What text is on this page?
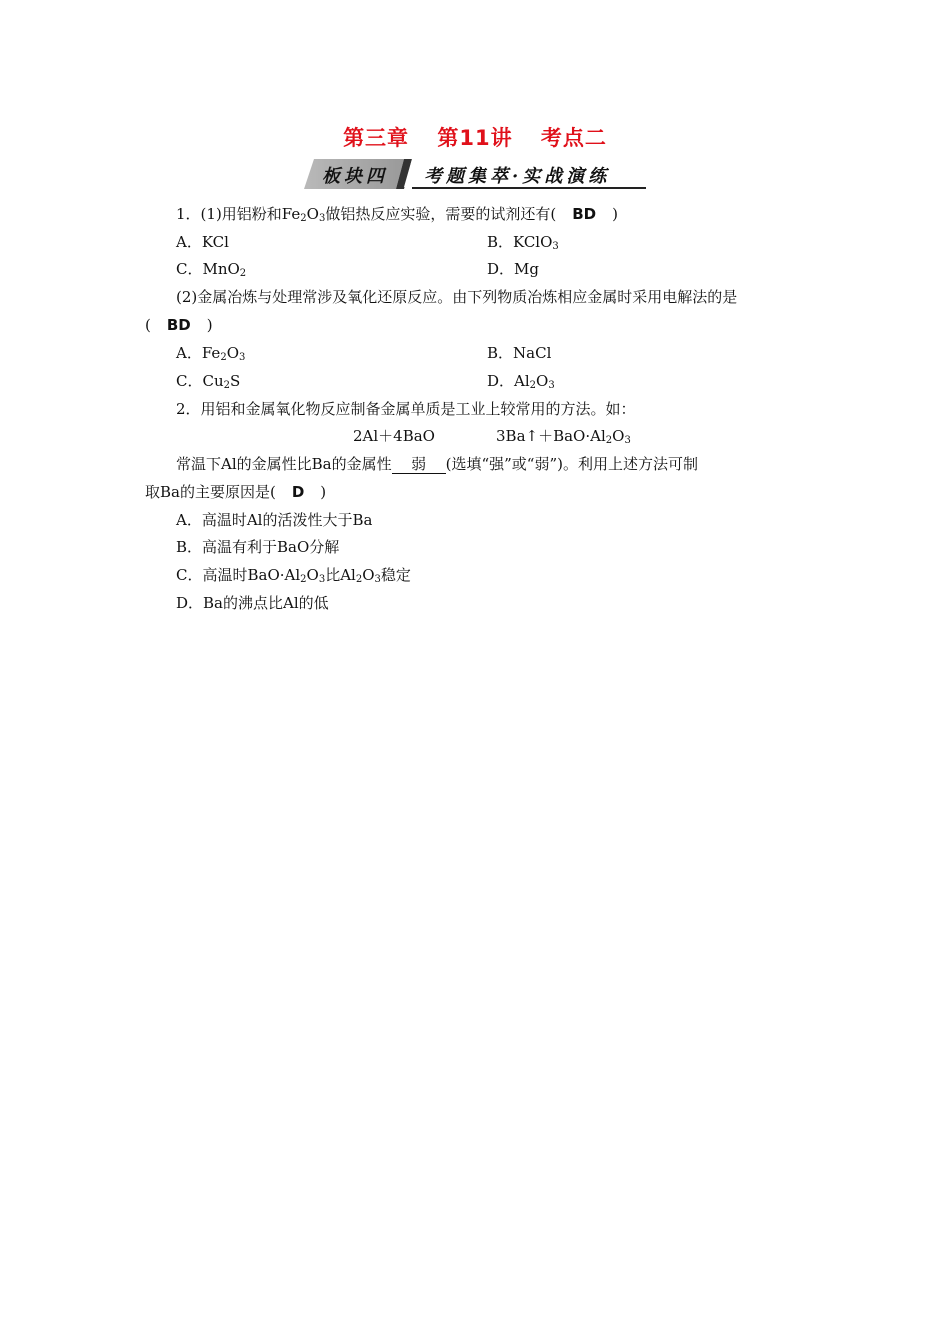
第三章 第11讲 考点二
板块四 考题集萃·实战演练
1．(1)用铝粉和$Fe_2O_3$做铝热反应实验，需要的试剂还有( BD )
A．KCl	B．KClO$_3$
C．MnO$_2$	D．Mg
(2)金属冶炼与处理常涉及氧化还原反应。由下列物质冶炼相应金属时采用电解法的是
( BD )
A．$Fe_2O_3$	B．NaCl
C．$Cu_2S$	D．$Al_2O_3$
2．用铝和金属氧化物反应制备金属单质是工业上较常用的方法。如：
2Al＋4BaO	$3Ba↑+BaO\cdot Al_2O_3$
常温下Al的金属性比Ba的金属性 弱 (选填“强”或“弱”)。利用上述方法可制
取Ba的主要原因是( D )
A．高温时Al的活泼性大于Ba
B．高温有利于BaO分解
C．高温时$BaO\cdot Al_2O_3$比$Al_2O_3$稳定
D．Ba的沸点比Al的低
